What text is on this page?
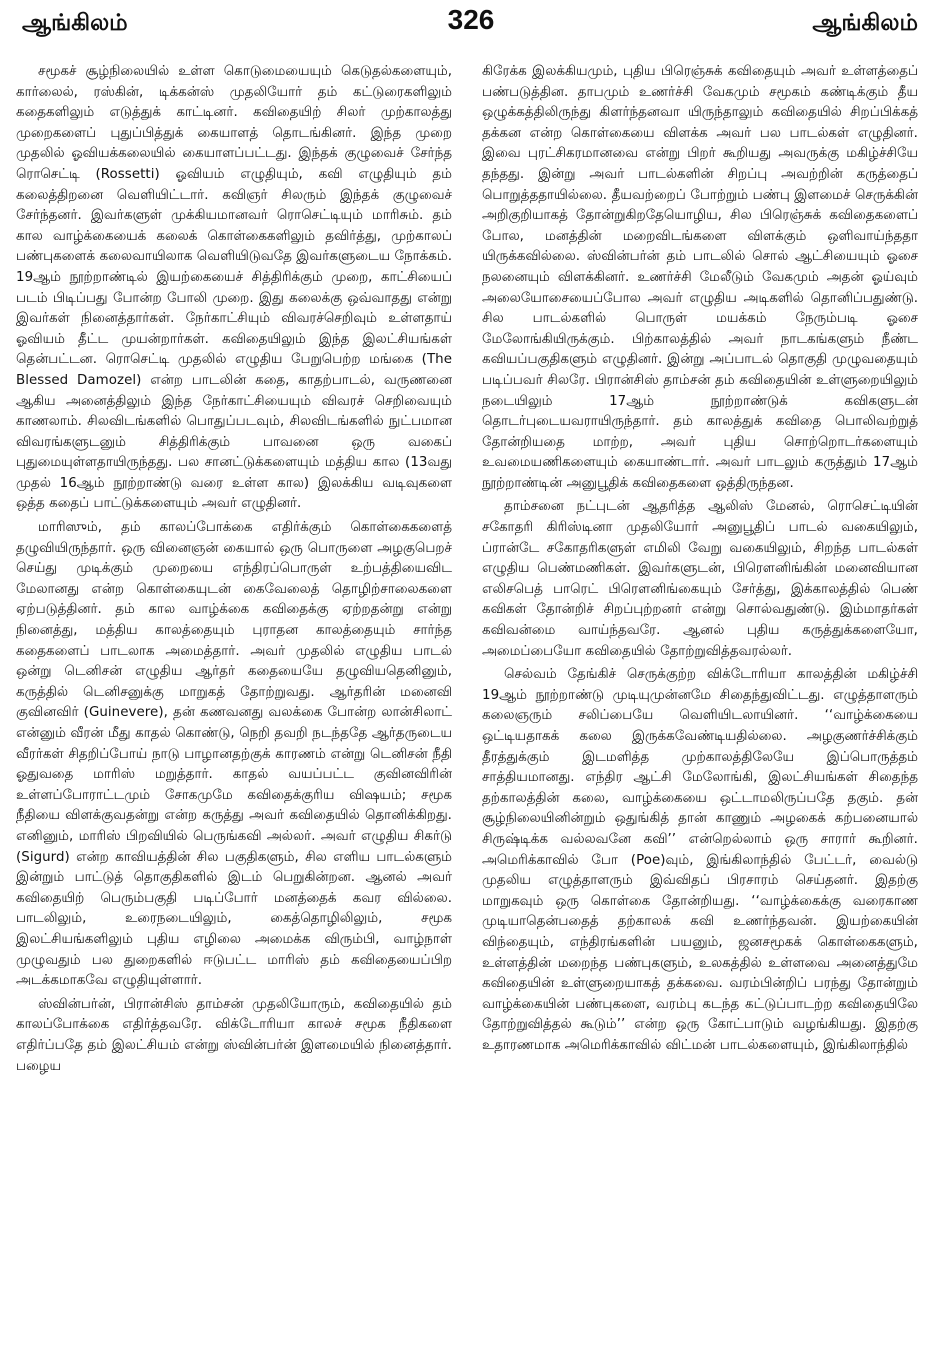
ஆங்கிலம்	326	ஆங்கிலம்

சமூகச் சூழ்நிலையில் உள்ள கொடுமையையும் கெடுதல்களையும், கார்லைல், ரஸ்கின், டிக்கன்ஸ் முதலியோர் தம் கட்டுரைகளிலும் கதைகளிலும் எடுத்துக் காட்டினர். கவிதையிற் சிலர் முற்காலத்து முறைகளைப் புதுப்பித்துக் கையாளத் தொடங்கினர். இந்த முறை முதலில் ஓவியக்கலையில் கையாளப்பட்டது. இந்தக் குழுவைச் சேர்ந்த ரொசெட்டி (Rossetti) ஓவியம் எழுதியும், கவி எழுதியும் தம் கலைத்திறனை வெளியிட்டார். கவிஞர் சிலரும் இந்தக் குழுவைச் சேர்ந்தனர். இவர்களுள் முக்கியமானவர் ரொசெட்டியும் மாரிசும். தம் கால வாழ்க்கையைக் கலைக் கொள்கைகளிலும் தவிர்த்து, முற்காலப் பண்புகளைக் கலைவாயிலாக வெளியிடுவதே இவர்களுடைய நோக்கம். 19ஆம் நூற்றாண்டில் இயற்கையைச் சித்திரிக்கும் முறை, காட்சியைப் படம் பிடிப்பது போன்ற போலி முறை. இது கலைக்கு ஒவ்வாதது என்று இவர்கள் நினைத்தார்கள். நேர்காட்சியும் விவரச்செறிவும் உள்ளதாய் ஓவியம் தீட்ட முயன்றார்கள். கவிதையிலும் இந்த இலட்சியங்கள் தென்பட்டன. ரொசெட்டி முதலில் எழுதிய பேறுபெற்ற மங்கை (The Blessed Damozel) என்ற பாடலின் கதை, காதற்பாடல், வருணனை ஆகிய அனைத்திலும் இந்த நேர்காட்சியையும் விவரச் செறிவையும் காணலாம். சிலவிடங்களில் பொதுப்படவும், சிலவிடங்களில் நுட்பமான விவரங்களுடனும் சித்திரிக்கும் பாவனை ஒரு வகைப் புதுமையுள்ளதாயிருந்தது. பல சானட்டுக்களையும் மத்திய கால (13வது முதல் 16ஆம் நூற்றாண்டு வரை உள்ள கால) இலக்கிய வடிவுகளை ஒத்த கதைப் பாட்டுக்களையும் அவர் எழுதினர்.

மாரிஸும், தம் காலப்போக்கை எதிர்க்கும் கொள்கைகளைத் தழுவியிருந்தார். ஒரு வினைஞன் கையால் ஒரு பொருளை அழகுபெறச் செய்து முடிக்கும் முறையை எந்திரப்பொருள் உற்பத்தியைவிட மேலானது என்ற கொள்கையுடன் கைவேலைத் தொழிற்சாலைகளை ஏற்படுத்தினர். தம் கால வாழ்க்கை கவிதைக்கு ஏற்றதன்று என்று நினைத்து, மத்திய காலத்தையும் புராதன காலத்தையும் சார்ந்த கதைகளைப் பாடலாக அமைத்தார். அவர் முதலில் எழுதிய பாடல் ஒன்று டெனிசன் எழுதிய ஆர்தர் கதையையே தழுவியதெனினும், கருத்தில் டெனிசனுக்கு மாறுகத் தோற்றுவது. ஆர்தரின் மனைவி குவினவிர் (Guinevere), தன் கணவனது வலக்கை போன்ற லான்சிலாட் என்னும் வீரன் மீது காதல் கொண்டு, நெறி தவறி நடந்ததே ஆர்தருடைய வீரர்கள் சிதறிப்போய் நாடு பாழானதற்குக் காரணம் என்று டெனிசன் நீதி ஓதுவதை மாரிஸ் மறுத்தார். காதல் வயப்பட்ட குவினவிரின் உள்ளப்போராட்டமும் சோகமுமே கவிதைக்குரிய விஷயம்; சமூக நீதியை விளக்குவதன்று என்ற கருத்து அவர் கவிதையில் தொனிக்கிறது. எனினும், மாரிஸ் பிறவியில் பெருங்கவி அல்லர். அவர் எழுதிய சிகர்டு (Sigurd) என்ற காவியத்தின் சில பகுதிகளும், சில எளிய பாடல்களும் இன்றும் பாட்டுத் தொகுதிகளில் இடம் பெறுகின்றன. ஆனல் அவர் கவிதையிற் பெரும்பகுதி படிப்போர் மனத்தைக் கவர வில்லை. பாடலிலும், உரைநடையிலும், கைத்தொழிலிலும், சமூக இலட்சியங்களிலும் புதிய எழிலை அமைக்க விரும்பி, வாழ்நாள் முழுவதும் பல துறைகளில் ஈடுபட்ட மாரிஸ் தம் கவிதையைப்பிற அடக்கமாகவே எழுதியுள்ளார்.

ஸ்வின்பர்ன், பிரான்சிஸ் தாம்சன் முதலியோரும், கவிதையில் தம் காலப்போக்கை எதிர்த்தவரே. விக்டோரியா காலச் சமூக நீதிகளை எதிர்ப்பதே தம் இலட்சியம் என்று ஸ்வின்பர்ன் இளமையில் நினைத்தார். பழைய

கிரேக்க இலக்கியமும், புதிய பிரெஞ்சுக் கவிதையும் அவர் உள்ளத்தைப் பண்படுத்தின. தாபமும் உணர்ச்சி வேகமும் சமூகம் கண்டிக்கும் தீய ஒழுக்கத்திலிருந்து கிளர்ந்தனவா யிருந்தாலும் கவிதையில் சிறப்பிக்கத் தக்கன என்ற கொள்கையை விளக்க அவர் பல பாடல்கள் எழுதினர். இவை புரட்சிகரமானவை என்று பிறர் கூறியது அவருக்கு மகிழ்ச்சியே தந்தது. இன்று அவர் பாடல்களின் சிறப்பு அவற்றின் கருத்தைப் பொறுத்ததாயில்லை. தீயவற்றைப் போற்றும் பண்பு இளமைச் செருக்கின் அறிகுறியாகத் தோன்றுகிறதேயொழிய, சில பிரெஞ்சுக் கவிதைகளைப் போல, மனத்தின் மறைவிடங்களை விளக்கும் ஒளிவாய்ந்ததா யிருக்கவில்லை. ஸ்வின்பர்ன் தம் பாடலில் சொல் ஆட்சியையும் ஓசை நலனையும் விளக்கினர். உணர்ச்சி மேலீடும் வேகமும் அதன் ஓய்வும் அலையோசையைப்போல அவர் எழுதிய அடிகளில் தொனிப்பதுண்டு. சில பாடல்களில் பொருள் மயக்கம் நேரும்படி ஓசை மேலோங்கியிருக்கும். பிற்காலத்தில் அவர் நாடகங்களும் நீண்ட கவியப்பகுதிகளும் எழுதினர். இன்று அப்பாடல் தொகுதி முழுவதையும் படிப்பவர் சிலரே. பிரான்சிஸ் தாம்சன் தம் கவிதையின் உள்ளுறையிலும் நடையிலும் 17ஆம் நூற்றாண்டுக் கவிகளுடன் தொடர்புடையவராயிருந்தார். தம் காலத்துக் கவிதை பொலிவற்றுத் தோன்றியதை மாற்ற, அவர் புதிய சொற்றொடர்களையும் உவமையணிகளையும் கையாண்டார். அவர் பாடலும் கருத்தும் 17ஆம் நூற்றாண்டின் அனுபூதிக் கவிதைகளை ஒத்திருந்தன.

தாம்சனை நட்புடன் ஆதரித்த ஆலிஸ் மேனல், ரொசெட்டியின் சகோதரி கிரிஸ்டினா முதலியோர் அனுபூதிப் பாடல் வகையிலும், ப்ரான்டே சகோதரிகளுள் எமிலி வேறு வகையிலும், சிறந்த பாடல்கள் எழுதிய பெண்மணிகள். இவர்களுடன், பிரௌனிங்கின் மனைவியான எலிசபெத் பாரெட் பிரௌனிங்கையும் சேர்த்து, இக்காலத்தில் பெண் கவிகள் தோன்றிச் சிறப்புற்றனர் என்று சொல்வதுண்டு. இம்மாதர்கள் கவிவன்மை வாய்ந்தவரே. ஆனல் புதிய கருத்துக்களையோ, அமைப்பையோ கவிதையில் தோற்றுவித்தவரல்லர்.

செல்வம் தேங்கிச் செருக்குற்ற விக்டோரியா காலத்தின் மகிழ்ச்சி 19ஆம் நூற்றாண்டு முடியுமுன்னமே சிதைந்துவிட்டது. எழுத்தாளரும் கலைஞரும் சலிப்பையே வெளியிடலாயினர். ‘‘வாழ்க்கையை ஒட்டியதாகக் கலை இருக்கவேண்டியதில்லை. அழகுணர்ச்சிக்கும் தீரத்துக்கும் இடமளித்த முற்காலத்திலேயே இப்பொருத்தம் சாத்தியமானது. எந்திர ஆட்சி மேலோங்கி, இலட்சியங்கள் சிதைந்த தற்காலத்தின் கலை, வாழ்க்கையை ஒட்டாமலிருப்பதே தகும். தன் சூழ்நிலையினின்றும் ஒதுங்கித் தான் காணும் அழகைக் கற்பனையால் சிருஷ்டிக்க வல்லவனே கவி’’ என்றெல்லாம் ஒரு சாரார் கூறினர். அமெரிக்காவில் போ (Poe)வும், இங்கிலாந்தில் பேட்டர், வைல்டு முதலிய எழுத்தாளரும் இவ்விதப் பிரசாரம் செய்தனர். இதற்கு மாறுகவும் ஒரு கொள்கை தோன்றியது. ‘‘வாழ்க்கைக்கு வரைகாண முடியாதென்பதைத் தற்காலக் கவி உணர்ந்தவன். இயற்கையின் விந்தையும், எந்திரங்களின் பயனும், ஜனசமூகக் கொள்கைகளும், உள்ளத்தின் மறைந்த பண்புகளும், உலகத்தில் உள்ளவை அனைத்துமே கவிதையின் உள்ளுறையாகத் தக்கவை. வரம்பின்றிப் பரந்து தோன்றும் வாழ்க்கையின் பண்புகளை, வரம்பு கடந்த கட்டுப்பாடற்ற கவிதையிலே தோற்றுவித்தல் கூடும்’’ என்ற ஒரு கோட்பாடும் வழங்கியது. இதற்கு உதாரணமாக அமெரிக்காவில் விட்மன் பாடல்களையும், இங்கிலாந்தில்
